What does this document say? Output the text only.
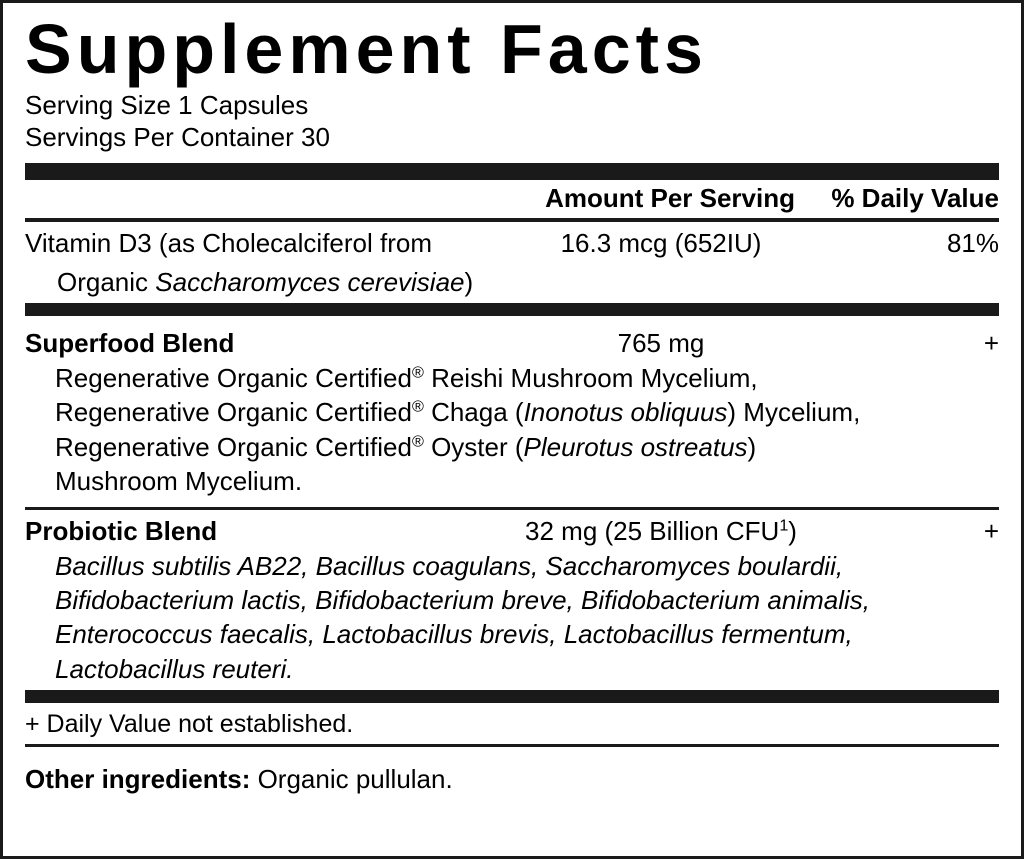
Supplement Facts
Serving Size 1 Capsules
Servings Per Container 30
Amount Per Serving	% Daily Value
Vitamin D3 (as Cholecalciferol from	16.3 mcg (652IU)	81%
Organic Saccharomyces cerevisiae)
Superfood Blend	765 mg	+
Regenerative Organic Certified® Reishi Mushroom Mycelium,
Regenerative Organic Certified® Chaga (Inonotus obliquus) Mycelium,
Regenerative Organic Certified® Oyster (Pleurotus ostreatus)
Mushroom Mycelium.
Probiotic Blend	32 mg (25 Billion $CFU^1$)	+
Bacillus subtilis AB22, Bacillus coagulans, Saccharomyces boulardii,
Bifidobacterium lactis, Bifidobacterium breve, Bifidobacterium animalis,
Enterococcus faecalis, Lactobacillus brevis, Lactobacillus fermentum,
Lactobacillus reuteri.
+ Daily Value not established.
Other ingredients: Organic pullulan.
